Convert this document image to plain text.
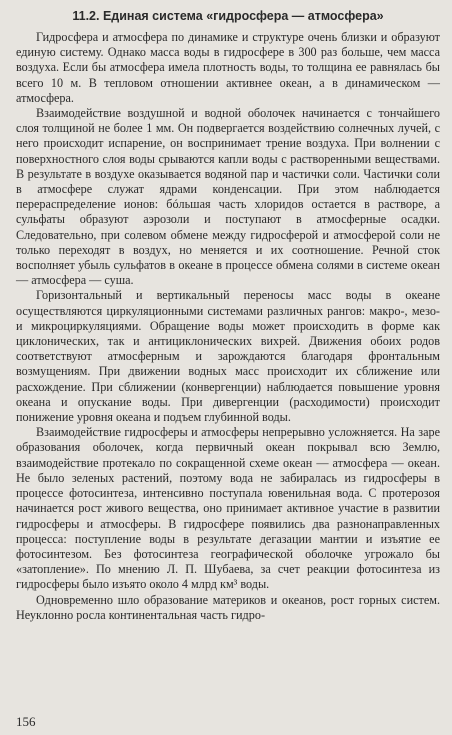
11.2. Единая система «гидросфера — атмосфера»

Гидросфера и атмосфера по динамике и структуре очень близки и образуют единую систему. Однако масса воды в гидросфере в 300 раз больше, чем масса воздуха. Если бы атмосфера имела плотность воды, то толщина ее равнялась бы всего 10 м. В тепловом отношении активнее океан, а в динамическом — атмосфера.

Взаимодействие воздушной и водной оболочек начинается с тончайшего слоя толщиной не более 1 мм. Он подвергается воздействию солнечных лучей, с него происходит испарение, он воспринимает трение воздуха. При волнении с поверхностного слоя воды срываются капли воды с растворенными веществами. В результате в воздухе оказывается водяной пар и частички соли. Частички соли в атмосфере служат ядрами конденсации. При этом наблюдается перераспределение ионов: бóльшая часть хлоридов остается в растворе, а сульфаты образуют аэрозоли и поступают в атмосферные осадки. Следовательно, при солевом обмене между гидросферой и атмосферой соли не только переходят в воздух, но меняется и их соотношение. Речной сток восполняет убыль сульфатов в океане в процессе обмена солями в системе океан — атмосфера — суша.

Горизонтальный и вертикальный переносы масс воды в океане осуществляются циркуляционными системами различных рангов: макро-, мезо- и микроциркуляциями. Обращение воды может происходить в форме как циклонических, так и антициклонических вихрей. Движения обоих родов соответствуют атмосферным и зарождаются благодаря фронтальным возмущениям. При движении водных масс происходит их сближение или расхождение. При сближении (конвергенции) наблюдается повышение уровня океана и опускание воды. При дивергенции (расходимости) происходит понижение уровня океана и подъем глубинной воды.

Взаимодействие гидросферы и атмосферы непрерывно усложняется. На заре образования оболочек, когда первичный океан покрывал всю Землю, взаимодействие протекало по сокращенной схеме океан — атмосфера — океан. Не было зеленых растений, поэтому вода не забиралась из гидросферы в процессе фотосинтеза, интенсивно поступала ювенильная вода. С протерозоя начинается рост живого вещества, оно принимает активное участие в развитии гидросферы и атмосферы. В гидросфере появились два разнонаправленных процесса: поступление воды в результате дегазации мантии и изъятие ее фотосинтезом. Без фотосинтеза географической оболочке угрожало бы «затопление». По мнению Л. П. Шубаева, за счет реакции фотосинтеза из гидросферы было изъято около 4 млрд км³ воды.

Одновременно шло образование материков и океанов, рост горных систем. Неуклонно росла континентальная часть гидро-

156
